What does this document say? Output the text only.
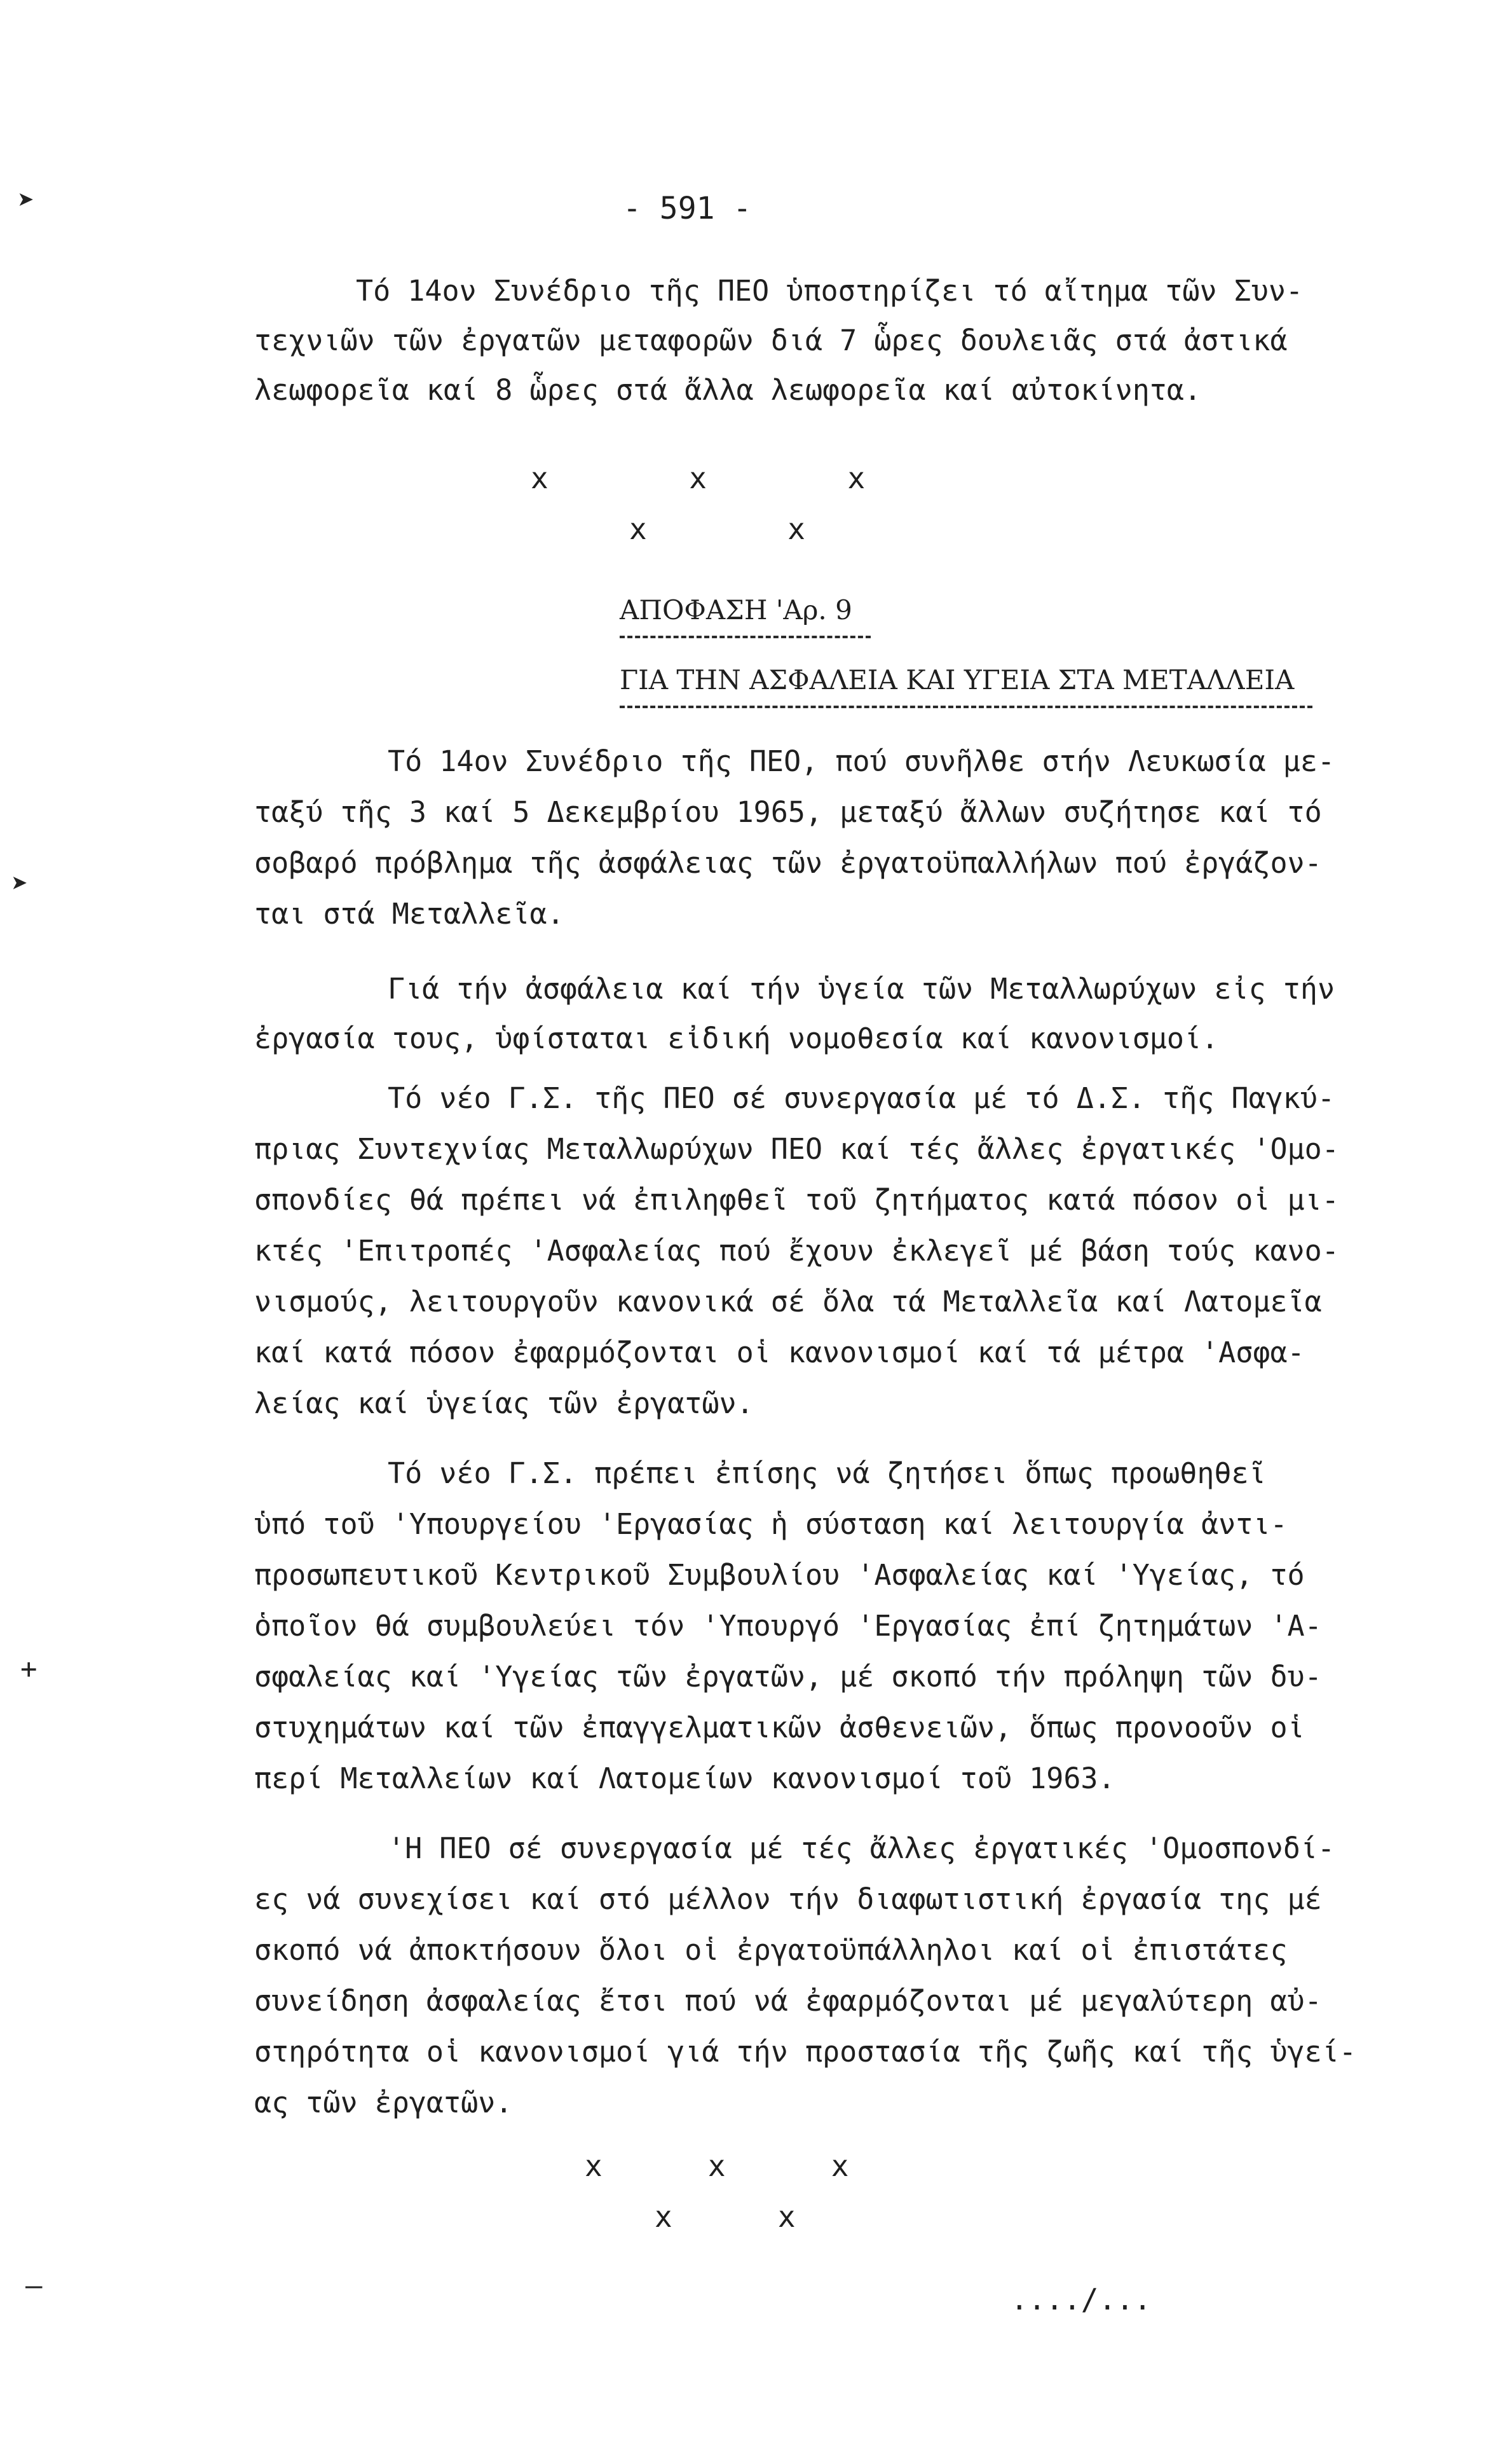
➤
➤
+
—
- 591 -
Τό 14ον Συνέδριο τῆς ΠΕΟ ὑποστηρίζει τό αἴτημα τῶν Συν-
τεχνιῶν τῶν ἐργατῶν μεταφορῶν διά 7 ὧρες δουλειᾶς στά ἀστικά
λεωφορεῖα καί 8 ὧρες στά ἄλλα λεωφορεῖα καί αὐτοκίνητα.
x        x        x
x        x
ΑΠΟΦΑΣΗ 'Αρ. 9
ΓΙΑ ΤΗΝ ΑΣΦΑΛΕΙΑ ΚΑΙ ΥΓΕΙΑ ΣΤΑ ΜΕΤΑΛΛΕΙΑ
Τό 14ον Συνέδριο τῆς ΠΕΟ, πού συνῆλθε στήν Λευκωσία με-
ταξύ τῆς 3 καί 5 Δεκεμβρίου 1965, μεταξύ ἄλλων συζήτησε καί τό
σοβαρό πρόβλημα τῆς ἀσφάλειας τῶν ἐργατοϋπαλλήλων πού ἐργάζον-
ται στά Μεταλλεῖα.
Γιά τήν ἀσφάλεια καί τήν ὑγεία τῶν Μεταλλωρύχων εἰς τήν
ἐργασία τους, ὑφίσταται εἰδική νομοθεσία καί κανονισμοί.
Τό νέο Γ.Σ. τῆς ΠΕΟ σέ συνεργασία μέ τό Δ.Σ. τῆς Παγκύ-
πριας Συντεχνίας Μεταλλωρύχων ΠΕΟ καί τές ἄλλες ἐργατικές 'Ομο-
σπονδίες θά πρέπει νά ἐπιληφθεῖ τοῦ ζητήματος κατά πόσον οἱ μι-
κτές 'Επιτροπές 'Ασφαλείας πού ἔχουν ἐκλεγεῖ μέ βάση τούς κανο-
νισμούς, λειτουργοῦν κανονικά σέ ὅλα τά Μεταλλεῖα καί Λατομεῖα
καί κατά πόσον ἐφαρμόζονται οἱ κανονισμοί καί τά μέτρα 'Ασφα-
λείας καί ὑγείας τῶν ἐργατῶν.
Τό νέο Γ.Σ. πρέπει ἐπίσης νά ζητήσει ὅπως προωθηθεῖ
ὑπό τοῦ 'Υπουργείου 'Εργασίας ἡ σύσταση καί λειτουργία ἀντι-
προσωπευτικοῦ Κεντρικοῦ Συμβουλίου 'Ασφαλείας καί 'Υγείας, τό
ὁποῖον θά συμβουλεύει τόν 'Υπουργό 'Εργασίας ἐπί ζητημάτων 'Α-
σφαλείας καί 'Υγείας τῶν ἐργατῶν, μέ σκοπό τήν πρόληψη τῶν δυ-
στυχημάτων καί τῶν ἐπαγγελματικῶν ἀσθενειῶν, ὅπως προνοοῦν οἱ
περί Μεταλλείων καί Λατομείων κανονισμοί τοῦ 1963.
'Η ΠΕΟ σέ συνεργασία μέ τές ἄλλες ἐργατικές 'Ομοσπονδί-
ες νά συνεχίσει καί στό μέλλον τήν διαφωτιστική ἐργασία της μέ
σκοπό νά ἀποκτήσουν ὅλοι οἱ ἐργατοϋπάλληλοι καί οἱ ἐπιστάτες
συνείδηση ἀσφαλείας ἔτσι πού νά ἐφαρμόζονται μέ μεγαλύτερη αὐ-
στηρότητα οἱ κανονισμοί γιά τήν προστασία τῆς ζωῆς καί τῆς ὑγεί-
ας τῶν ἐργατῶν.
x      x      x
x      x
..../...
